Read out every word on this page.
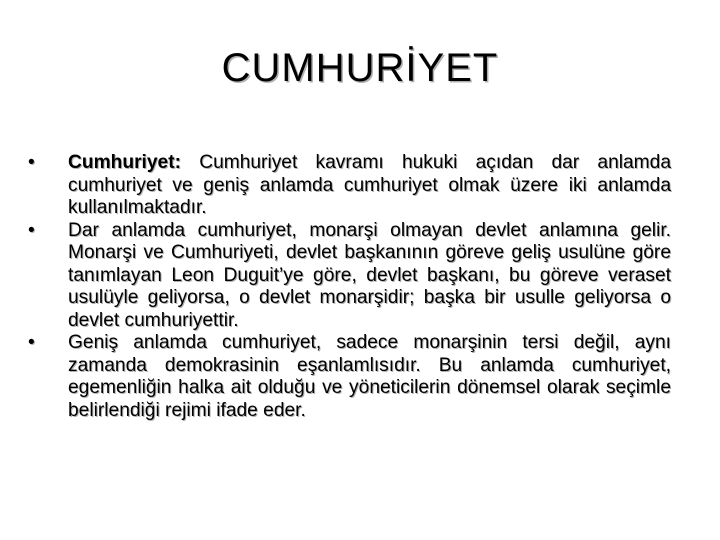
CUMHURİYET
•	Cumhuriyet: Cumhuriyet kavramı hukuki açıdan dar anlamda cumhuriyet ve geniş anlamda cumhuriyet olmak üzere iki anlamda kullanılmaktadır.
•	Dar anlamda cumhuriyet, monarşi olmayan devlet anlamına gelir. Monarşi ve Cumhuriyeti, devlet başkanının göreve geliş usulüne göre tanımlayan Leon Duguit’ye göre, devlet başkanı, bu göreve veraset usulüyle geliyorsa, o devlet monarşidir; başka bir usulle geliyorsa o devlet cumhuriyettir.
•	Geniş anlamda cumhuriyet, sadece monarşinin tersi değil, aynı zamanda demokrasinin eşanlamlısıdır. Bu anlamda cumhuriyet, egemenliğin halka ait olduğu ve yöneticilerin dönemsel olarak seçimle belirlendiği rejimi ifade eder.
